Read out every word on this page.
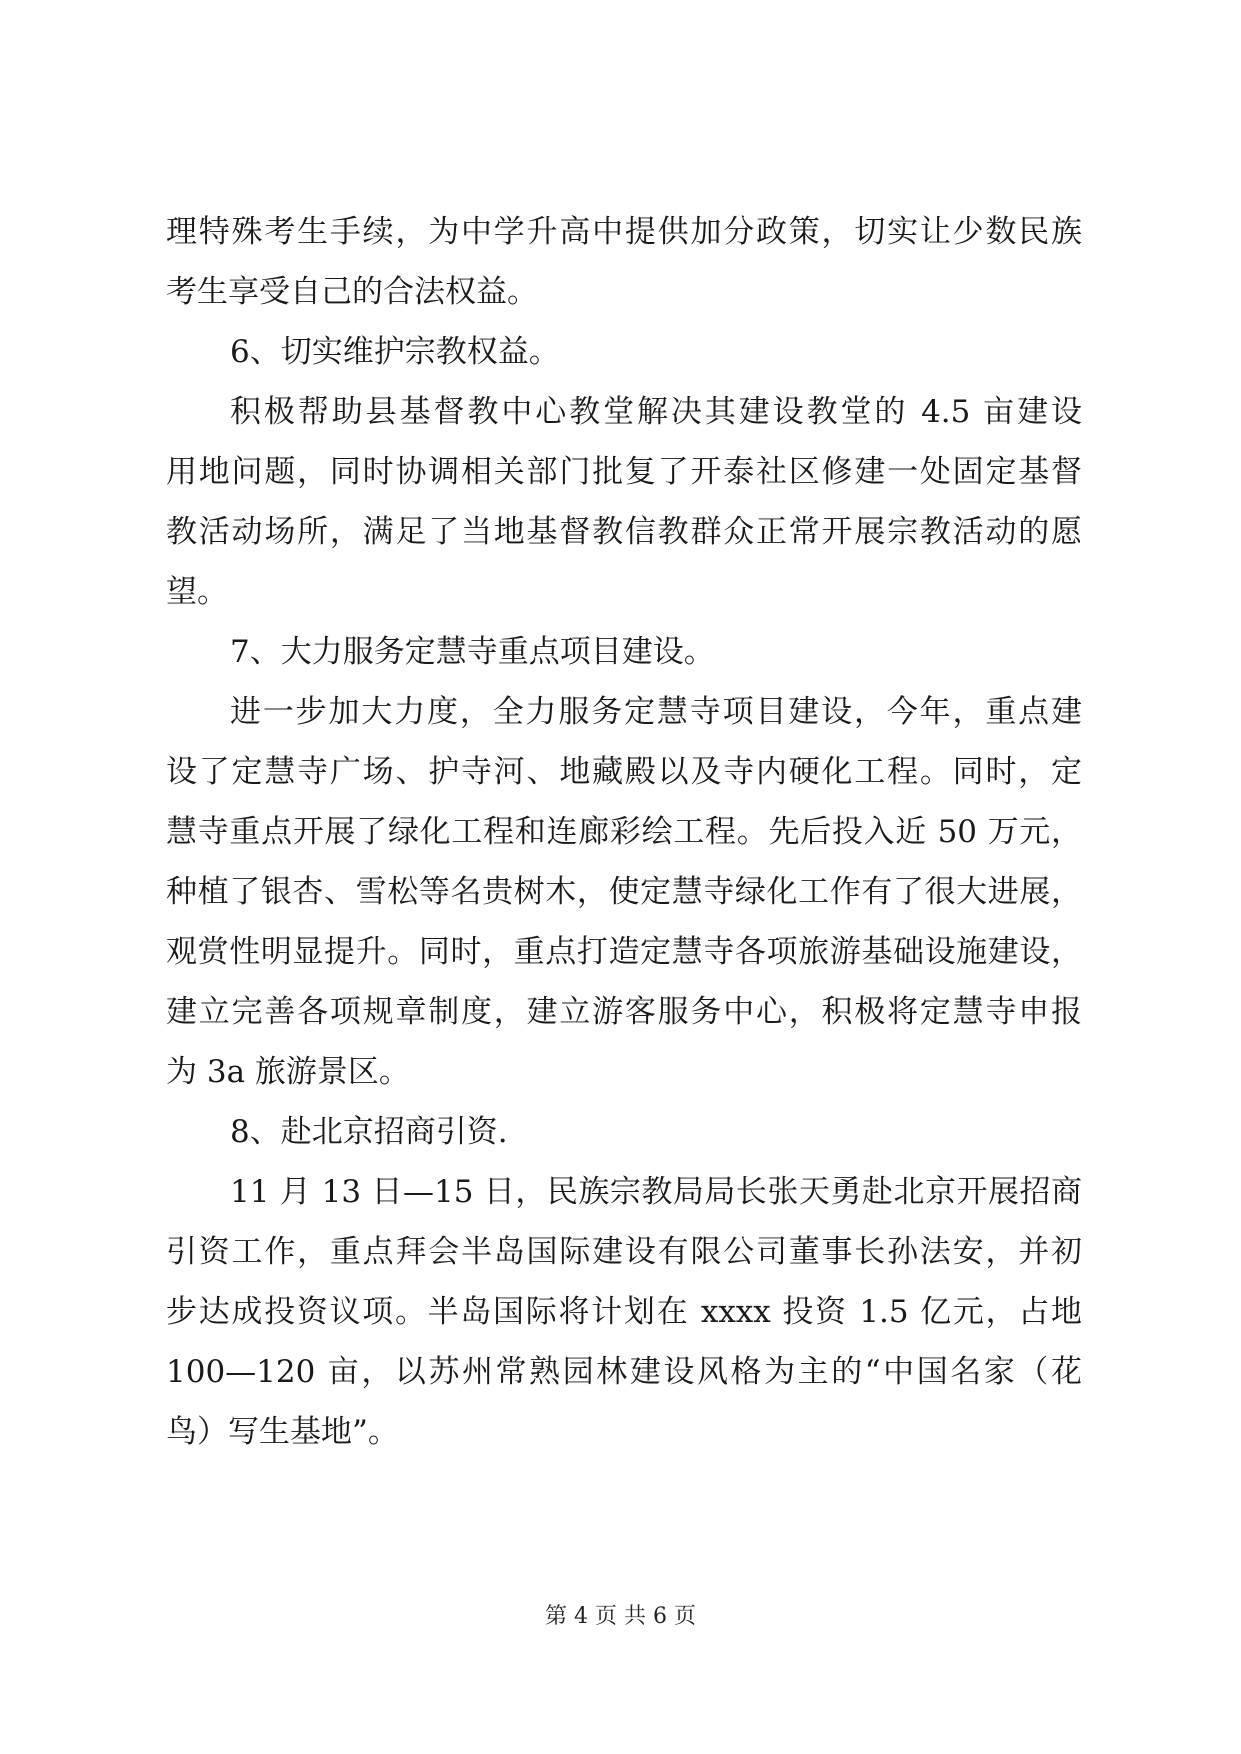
理特殊考生手续，为中学升高中提供加分政策，切实让少数民族
考生享受自己的合法权益。
6、切实维护宗教权益。
积极帮助县基督教中心教堂解决其建设教堂的 4.5 亩建设
用地问题，同时协调相关部门批复了开泰社区修建一处固定基督
教活动场所，满足了当地基督教信教群众正常开展宗教活动的愿
望。
7、大力服务定慧寺重点项目建设。
进一步加大力度，全力服务定慧寺项目建设，今年，重点建
设了定慧寺广场、护寺河、地藏殿以及寺内硬化工程。同时，定
慧寺重点开展了绿化工程和连廊彩绘工程。先后投入近 50 万元，
种植了银杏、雪松等名贵树木，使定慧寺绿化工作有了很大进展，
观赏性明显提升。同时，重点打造定慧寺各项旅游基础设施建设，
建立完善各项规章制度，建立游客服务中心，积极将定慧寺申报
为 3a 旅游景区。
8、赴北京招商引资.
11 月 13 日—15 日，民族宗教局局长张天勇赴北京开展招商
引资工作，重点拜会半岛国际建设有限公司董事长孙法安，并初
步达成投资议项。半岛国际将计划在 xxxx 投资 1.5 亿元，占地
100—120 亩，以苏州常熟园林建设风格为主的“中国名家（花
鸟）写生基地”。
第 4 页 共 6 页
